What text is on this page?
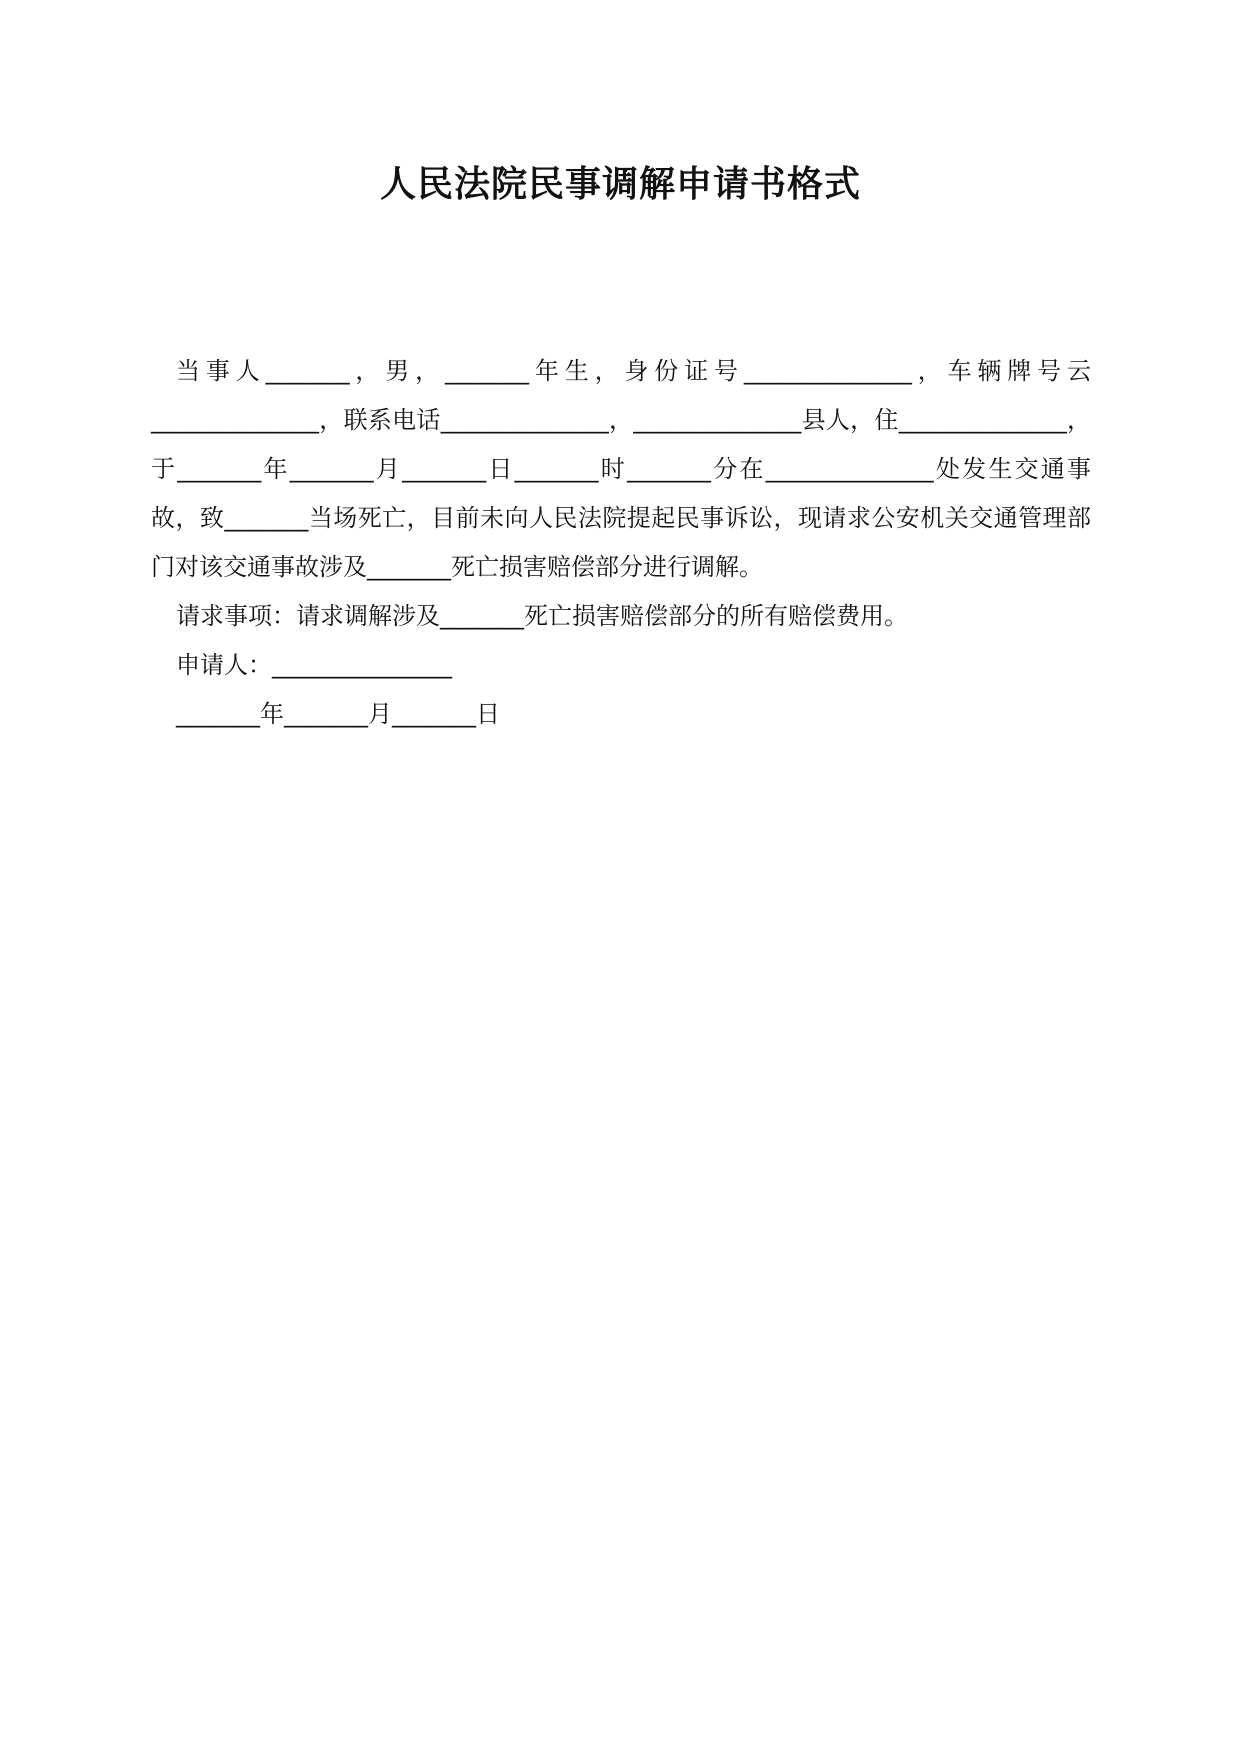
人民法院民事调解申请书格式

当事人_______，男，_______年生，身份证号______________，车辆牌号云______________，联系电话______________，______________县人，住______________，于_______年_______月_______日_______时_______分在______________处发生交通事故，致_______当场死亡，目前未向人民法院提起民事诉讼，现请求公安机关交通管理部门对该交通事故涉及_______死亡损害赔偿部分进行调解。

请求事项：请求调解涉及_______死亡损害赔偿部分的所有赔偿费用。

申请人：_______________

_______年_______月_______日
